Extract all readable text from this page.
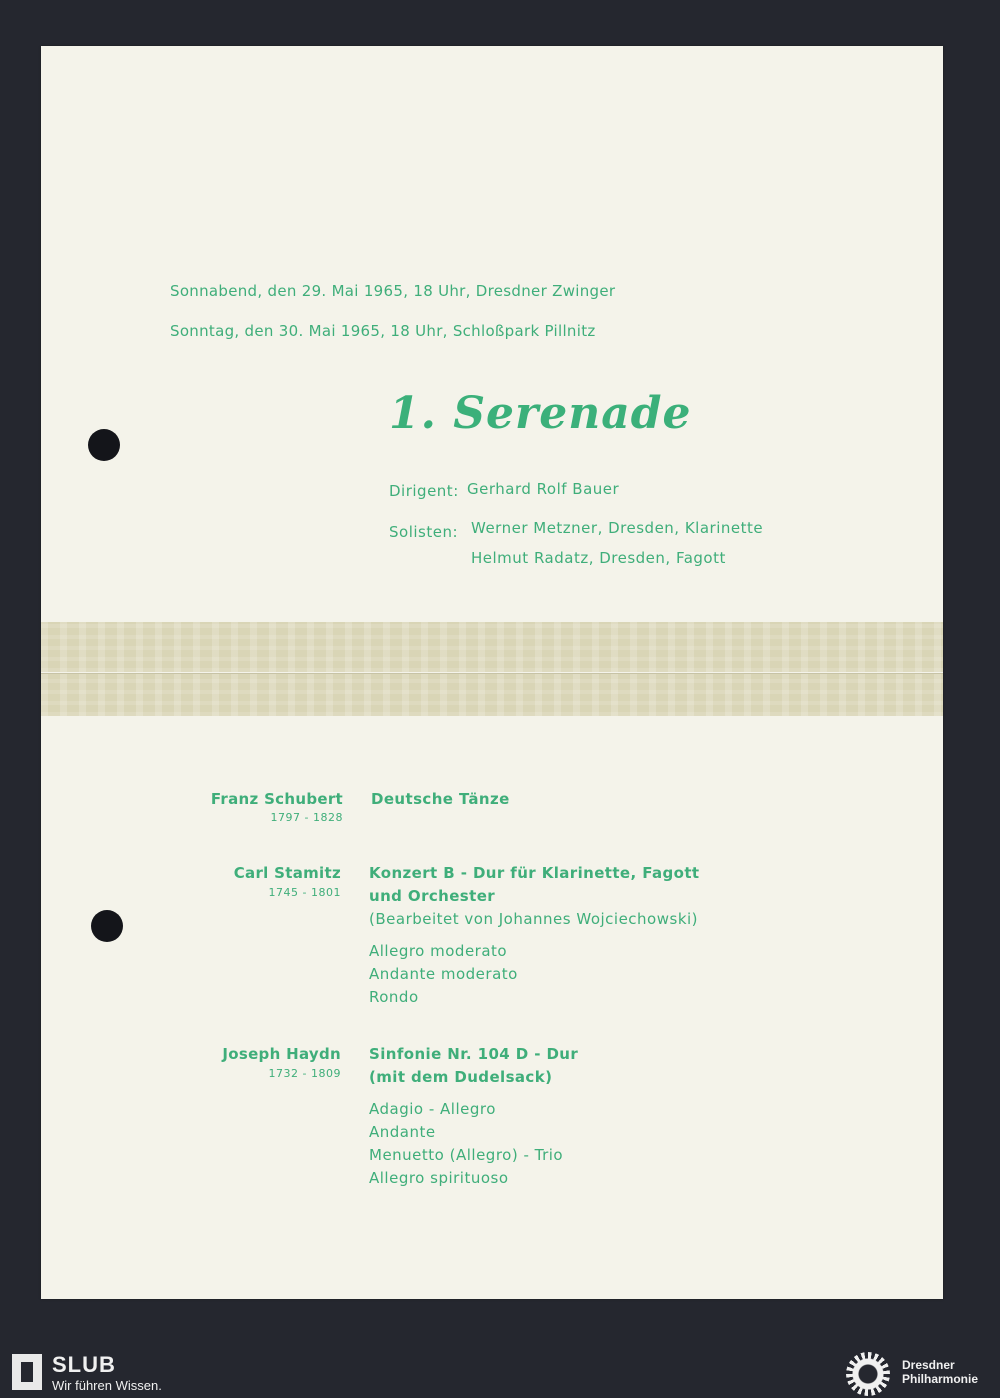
Sonnabend, den 29. Mai 1965, 18 Uhr, Dresdner Zwinger
Sonntag, den 30. Mai 1965, 18 Uhr, Schloßpark Pillnitz
1. Serenade
Dirigent: Gerhard Rolf Bauer
Solisten: Werner Metzner, Dresden, Klarinette
Helmut Radatz, Dresden, Fagott
Franz Schubert
1797 - 1828
Deutsche Tänze
Carl Stamitz
1745 - 1801
Konzert B - Dur für Klarinette, Fagott
und Orchester
(Bearbeitet von Johannes Wojciechowski)
Allegro moderato
Andante moderato
Rondo
Joseph Haydn
1732 - 1809
Sinfonie Nr. 104 D - Dur
(mit dem Dudelsack)
Adagio - Allegro
Andante
Menuetto (Allegro) - Trio
Allegro spirituoso
SLUB
Wir führen Wissen.
Dresdner
Philharmonie
